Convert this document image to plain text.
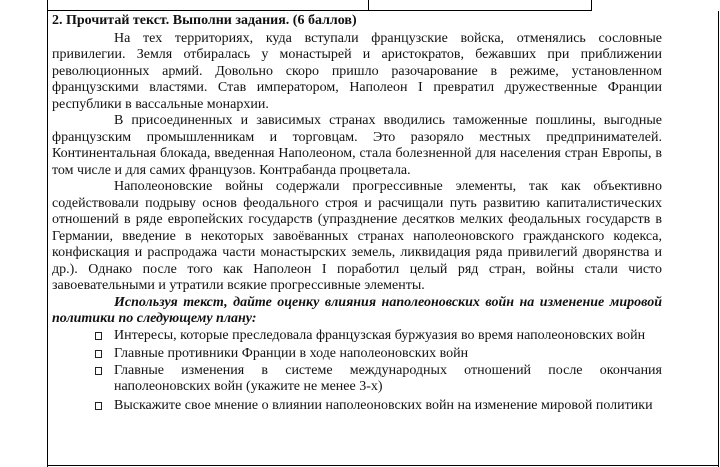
2. Прочитай текст. Выполни задания. (6 баллов)

На тех территориях, куда вступали французские войска, отменялись сословные привилегии. Земля отбиралась у монастырей и аристократов, бежавших при приближении революционных армий. Довольно скоро пришло разочарование в режиме, установленном французскими властями. Став императором, Наполеон I превратил дружественные Франции республики в вассальные монархии.

В присоединенных и зависимых странах вводились таможенные пошлины, выгодные французским промышленникам и торговцам. Это разоряло местных предпринимателей. Континентальная блокада, введенная Наполеоном, стала болезненной для населения стран Европы, в том числе и для самих французов. Контрабанда процветала.

Наполеоновские войны содержали прогрессивные элементы, так как объективно содействовали подрыву основ феодального строя и расчищали путь развитию капиталистических отношений в ряде европейских государств (упразднение десятков мелких феодальных государств в Германии, введение в некоторых завоёванных странах наполеоновского гражданского кодекса, конфискация и распродажа части монастырских земель, ликвидация ряда привилегий дворянства и др.). Однако после того как Наполеон I поработил целый ряд стран, войны стали чисто завоевательными и утратили всякие прогрессивные элементы.

Используя текст, дайте оценку влияния наполеоновских войн на изменение мировой политики по следующему плану:

Интересы, которые преследовала французская буржуазия во время наполеоновских войн
Главные противники Франции в ходе наполеоновских войн
Главные изменения в системе международных отношений после окончания наполеоновских войн (укажите не менее 3-х)
Выскажите свое мнение о влиянии наполеоновских войн на изменение мировой политики
